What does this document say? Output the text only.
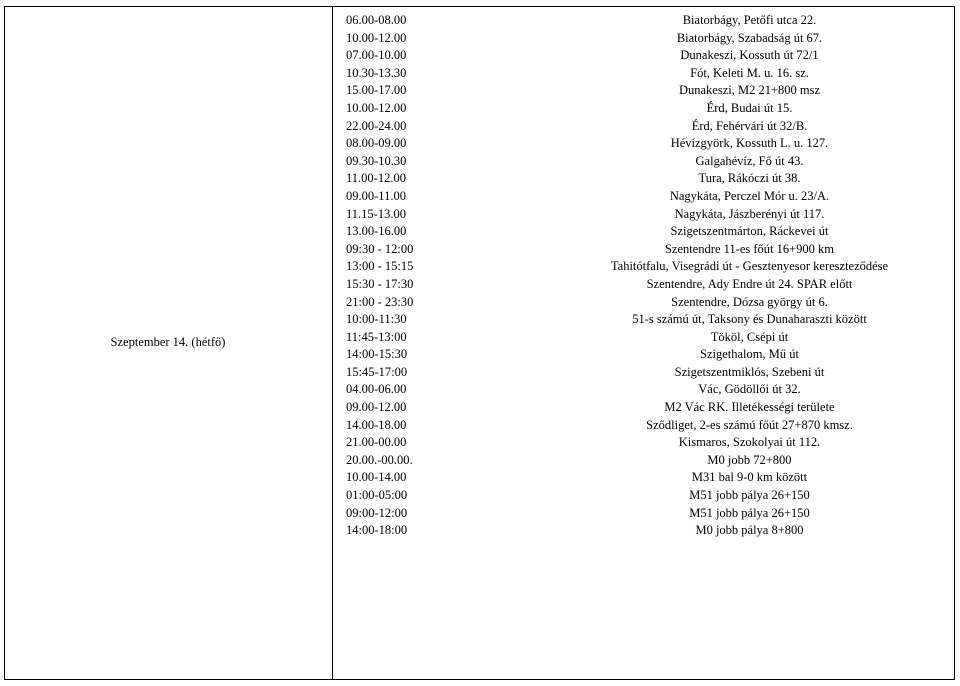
Szeptember 14. (hétfő)
06.00-08.00	Biatorbágy, Petőfi utca 22.
10.00-12.00	Biatorbágy, Szabadság út 67.
07.00-10.00	Dunakeszi, Kossuth út 72/1
10.30-13.30	Fót, Keleti M. u. 16. sz.
15.00-17.00	Dunakeszi, M2 21+800 msz
10.00-12.00	Érd, Budai út 15.
22.00-24.00	Érd, Fehérvári út 32/B.
08.00-09.00	Hévízgyörk, Kossuth L. u. 127.
09.30-10.30	Galgahévíz, Fő út 43.
11.00-12.00	Tura, Rákóczi út 38.
09.00-11.00	Nagykáta, Perczel Mór u. 23/A.
11.15-13.00	Nagykáta, Jászberényi út 117.
13.00-16.00	Szigetszentmárton, Ráckevei út
09:30 - 12:00	Szentendre 11-es főút 16+900 km
13:00 - 15:15	Tahitótfalu, Visegrádi út - Gesztenyesor kereszteződése
15:30 - 17:30	Szentendre, Ady Endre út 24. SPAR előtt
21:00 - 23:30	Szentendre, Dózsa györgy út 6.
10:00-11:30	51-s számú út, Taksony és Dunaharaszti között
11:45-13:00	Tököl, Csépi út
14:00-15:30	Szigethalom, Mű út
15:45-17:00	Szigetszentmiklós, Szebeni út
04.00-06.00	Vác, Gödöllői út 32.
09.00-12.00	M2 Vác RK. Illetékességi területe
14.00-18.00	Sződliget, 2-es számú főút 27+870 kmsz.
21.00-00.00	Kismaros, Szokolyai út 112.
20.00.-00.00.	M0 jobb 72+800
10.00-14.00	M31 bal 9-0 km között
01:00-05:00	M51 jobb pálya 26+150
09:00-12:00	M51 jobb pálya 26+150
14:00-18:00	M0 jobb pálya 8+800
